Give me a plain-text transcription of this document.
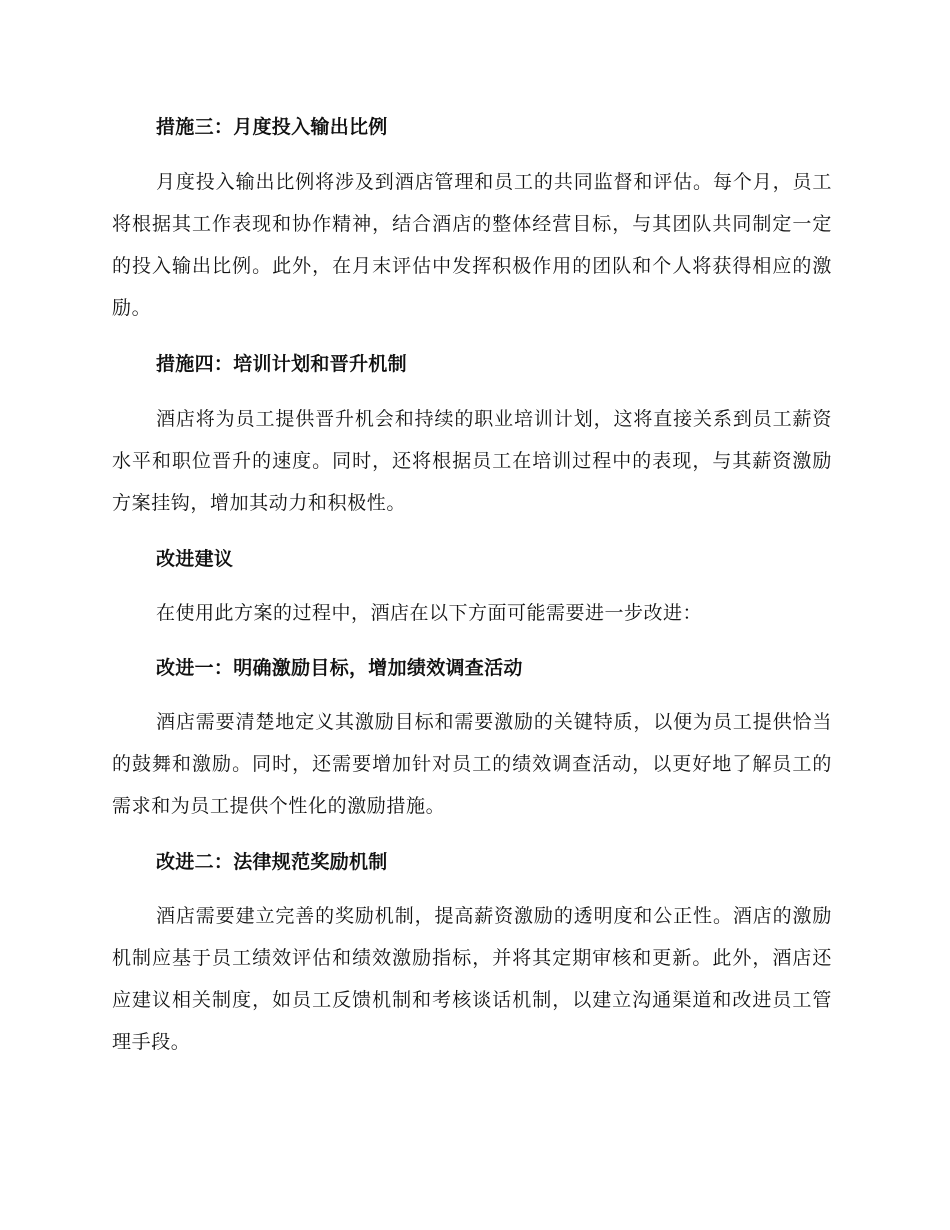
措施三：月度投入输出比例
月度投入输出比例将涉及到酒店管理和员工的共同监督和评估。每个月，员工将根据其工作表现和协作精神，结合酒店的整体经营目标，与其团队共同制定一定的投入输出比例。此外，在月末评估中发挥积极作用的团队和个人将获得相应的激励。
措施四：培训计划和晋升机制
酒店将为员工提供晋升机会和持续的职业培训计划，这将直接关系到员工薪资水平和职位晋升的速度。同时，还将根据员工在培训过程中的表现，与其薪资激励方案挂钩，增加其动力和积极性。
改进建议
在使用此方案的过程中，酒店在以下方面可能需要进一步改进：
改进一：明确激励目标，增加绩效调查活动
酒店需要清楚地定义其激励目标和需要激励的关键特质，以便为员工提供恰当的鼓舞和激励。同时，还需要增加针对员工的绩效调查活动，以更好地了解员工的需求和为员工提供个性化的激励措施。
改进二：法律规范奖励机制
酒店需要建立完善的奖励机制，提高薪资激励的透明度和公正性。酒店的激励机制应基于员工绩效评估和绩效激励指标，并将其定期审核和更新。此外，酒店还应建议相关制度，如员工反馈机制和考核谈话机制，以建立沟通渠道和改进员工管理手段。
